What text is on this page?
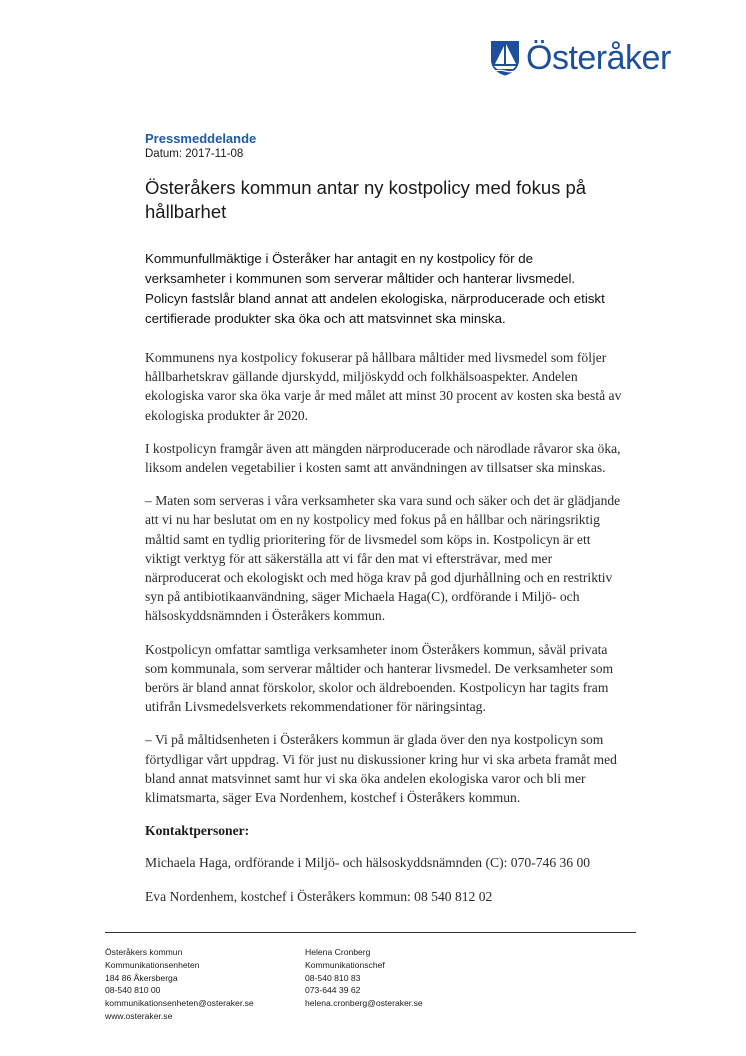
Österåker
Pressmeddelande
Datum: 2017-11-08
Österåkers kommun antar ny kostpolicy med fokus på hållbarhet

Kommunfullmäktige i Österåker har antagit en ny kostpolicy för de verksamheter i kommunen som serverar måltider och hanterar livsmedel. Policyn fastslår bland annat att andelen ekologiska, närproducerade och etiskt certifierade produkter ska öka och att matsvinnet ska minska.

Kommunens nya kostpolicy fokuserar på hållbara måltider med livsmedel som följer hållbarhetskrav gällande djurskydd, miljöskydd och folkhälsoaspekter. Andelen ekologiska varor ska öka varje år med målet att minst 30 procent av kosten ska bestå av ekologiska produkter år 2020.

I kostpolicyn framgår även att mängden närproducerade och närodlade råvaror ska öka, liksom andelen vegetabilier i kosten samt att användningen av tillsatser ska minskas.

– Maten som serveras i våra verksamheter ska vara sund och säker och det är glädjande att vi nu har beslutat om en ny kostpolicy med fokus på en hållbar och näringsriktig måltid samt en tydlig prioritering för de livsmedel som köps in. Kostpolicyn är ett viktigt verktyg för att säkerställa att vi får den mat vi eftersträvar, med mer närproducerat och ekologiskt och med höga krav på god djurhållning och en restriktiv syn på antibiotikaanvändning, säger Michaela Haga(C), ordförande i Miljö- och hälsoskyddsnämnden i Österåkers kommun.

Kostpolicyn omfattar samtliga verksamheter inom Österåkers kommun, såväl privata som kommunala, som serverar måltider och hanterar livsmedel. De verksamheter som berörs är bland annat förskolor, skolor och äldreboenden. Kostpolicyn har tagits fram utifrån Livsmedelsverkets rekommendationer för näringsintag.

– Vi på måltidsenheten i Österåkers kommun är glada över den nya kostpolicyn som förtydligar vårt uppdrag. Vi för just nu diskussioner kring hur vi ska arbeta framåt med bland annat matsvinnet samt hur vi ska öka andelen ekologiska varor och bli mer klimatsmarta, säger Eva Nordenhem, kostchef i Österåkers kommun.

Kontaktpersoner:

Michaela Haga, ordförande i Miljö- och hälsoskyddsnämnden (C): 070-746 36 00

Eva Nordenhem, kostchef i Österåkers kommun: 08 540 812 02

Österåkers kommun
Kommunikationsenheten
184 86 Åkersberga
08-540 810 00
kommunikationsenheten@osteraker.se
www.osteraker.se
Helena Cronberg
Kommunikationschef
08-540 810 83
073-644 39 62
helena.cronberg@osteraker.se
